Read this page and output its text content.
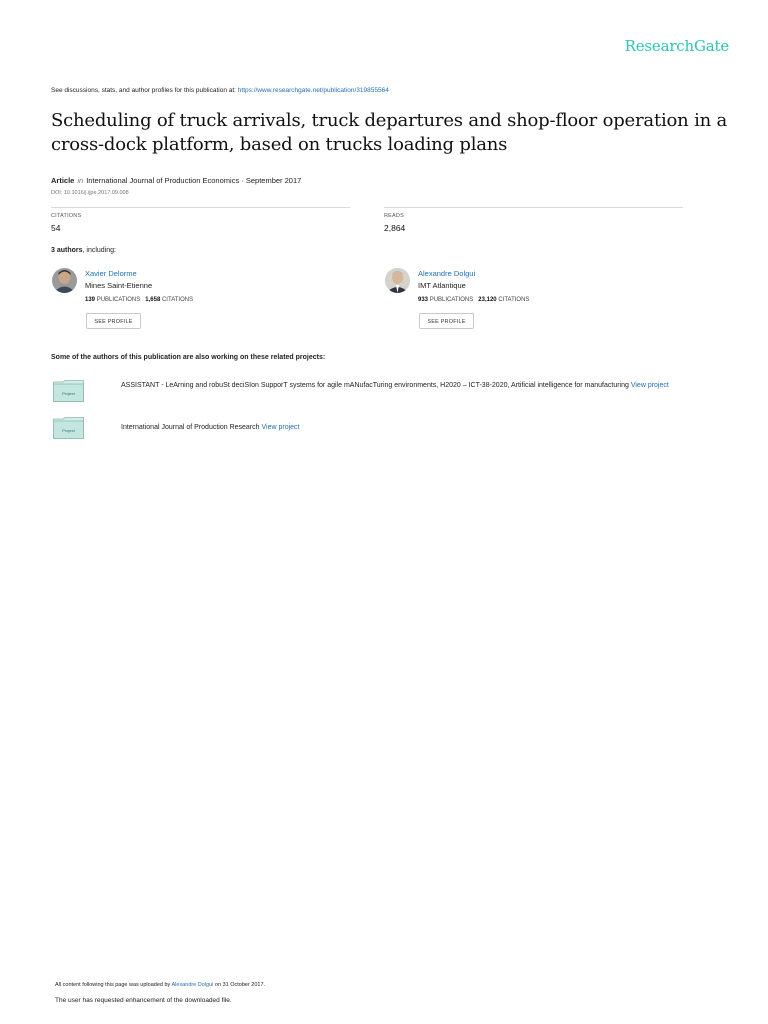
ResearchGate
See discussions, stats, and author profiles for this publication at: https://www.researchgate.net/publication/319855564
Scheduling of truck arrivals, truck departures and shop-floor operation in a cross-dock platform, based on trucks loading plans
Article in International Journal of Production Economics · September 2017
DOI: 10.1016/j.ijpe.2017.09.008
CITATIONS
54
READS
2,864
3 authors, including:
Xavier Delorme
Mines Saint-Etienne
139 PUBLICATIONS 1,658 CITATIONS
SEE PROFILE
Alexandre Dolgui
IMT Atlantique
933 PUBLICATIONS 23,120 CITATIONS
SEE PROFILE
Some of the authors of this publication are also working on these related projects:
Project
ASSISTANT - LeArning and robuSt deciSIon SupporT systems for agile mANufacTuring environments, H2020 – ICT-38-2020, Artificial intelligence for manufacturing View project
Project	International Journal of Production Research View project
All content following this page was uploaded by Alexandre Dolgui on 31 October 2017.
The user has requested enhancement of the downloaded file.
